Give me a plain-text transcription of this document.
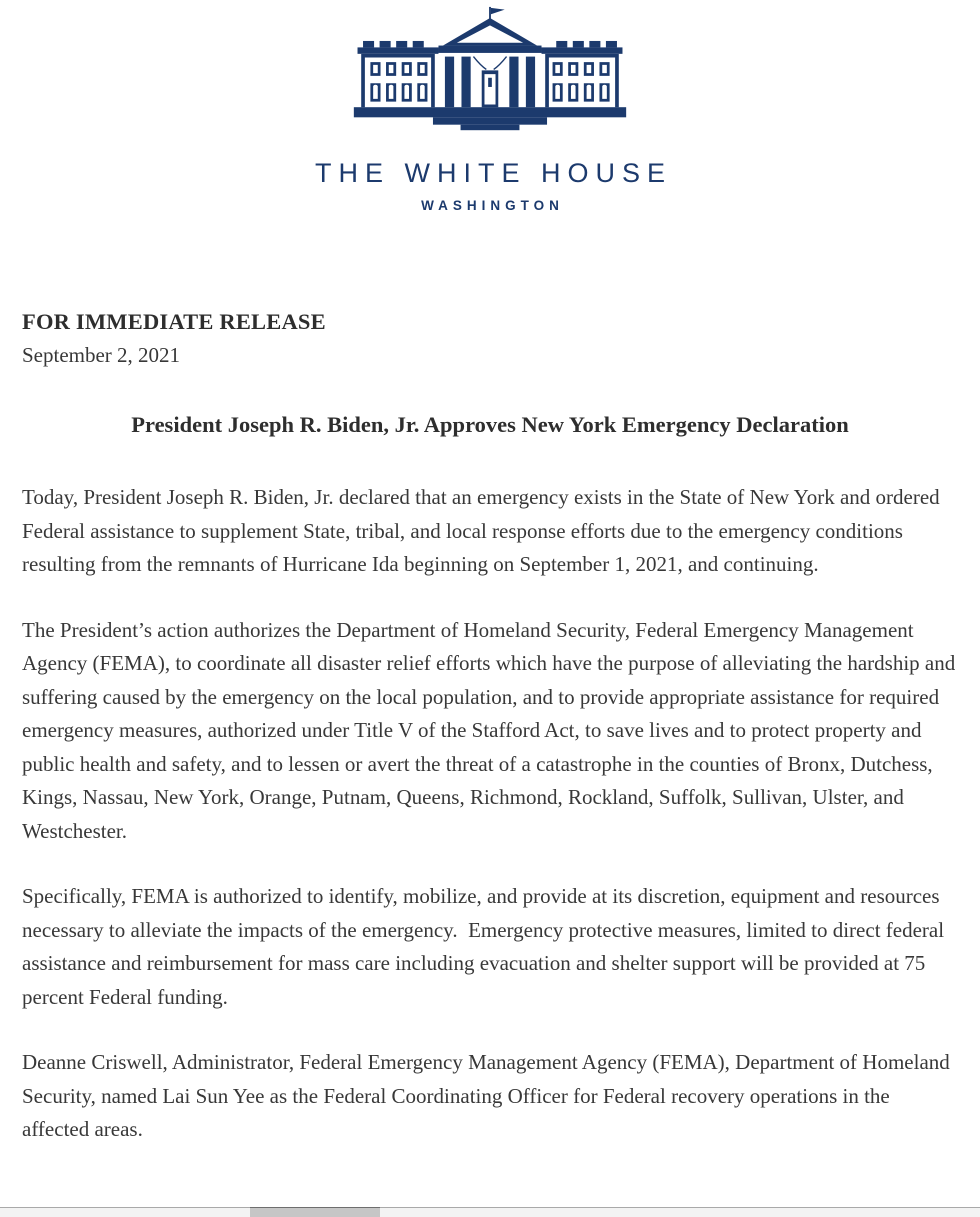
THE WHITE HOUSE
WASHINGTON
FOR IMMEDIATE RELEASE
September 2, 2021
President Joseph R. Biden, Jr. Approves New York Emergency Declaration

Today, President Joseph R. Biden, Jr. declared that an emergency exists in the State of New York and ordered Federal assistance to supplement State, tribal, and local response efforts due to the emergency conditions resulting from the remnants of Hurricane Ida beginning on September 1, 2021, and continuing.

The President’s action authorizes the Department of Homeland Security, Federal Emergency Management Agency (FEMA), to coordinate all disaster relief efforts which have the purpose of alleviating the hardship and suffering caused by the emergency on the local population, and to provide appropriate assistance for required emergency measures, authorized under Title V of the Stafford Act, to save lives and to protect property and public health and safety, and to lessen or avert the threat of a catastrophe in the counties of Bronx, Dutchess, Kings, Nassau, New York, Orange, Putnam, Queens, Richmond, Rockland, Suffolk, Sullivan, Ulster, and Westchester.

Specifically, FEMA is authorized to identify, mobilize, and provide at its discretion, equipment and resources necessary to alleviate the impacts of the emergency.  Emergency protective measures, limited to direct federal assistance and reimbursement for mass care including evacuation and shelter support will be provided at 75 percent Federal funding.

Deanne Criswell, Administrator, Federal Emergency Management Agency (FEMA), Department of Homeland Security, named Lai Sun Yee as the Federal Coordinating Officer for Federal recovery operations in the affected areas.
